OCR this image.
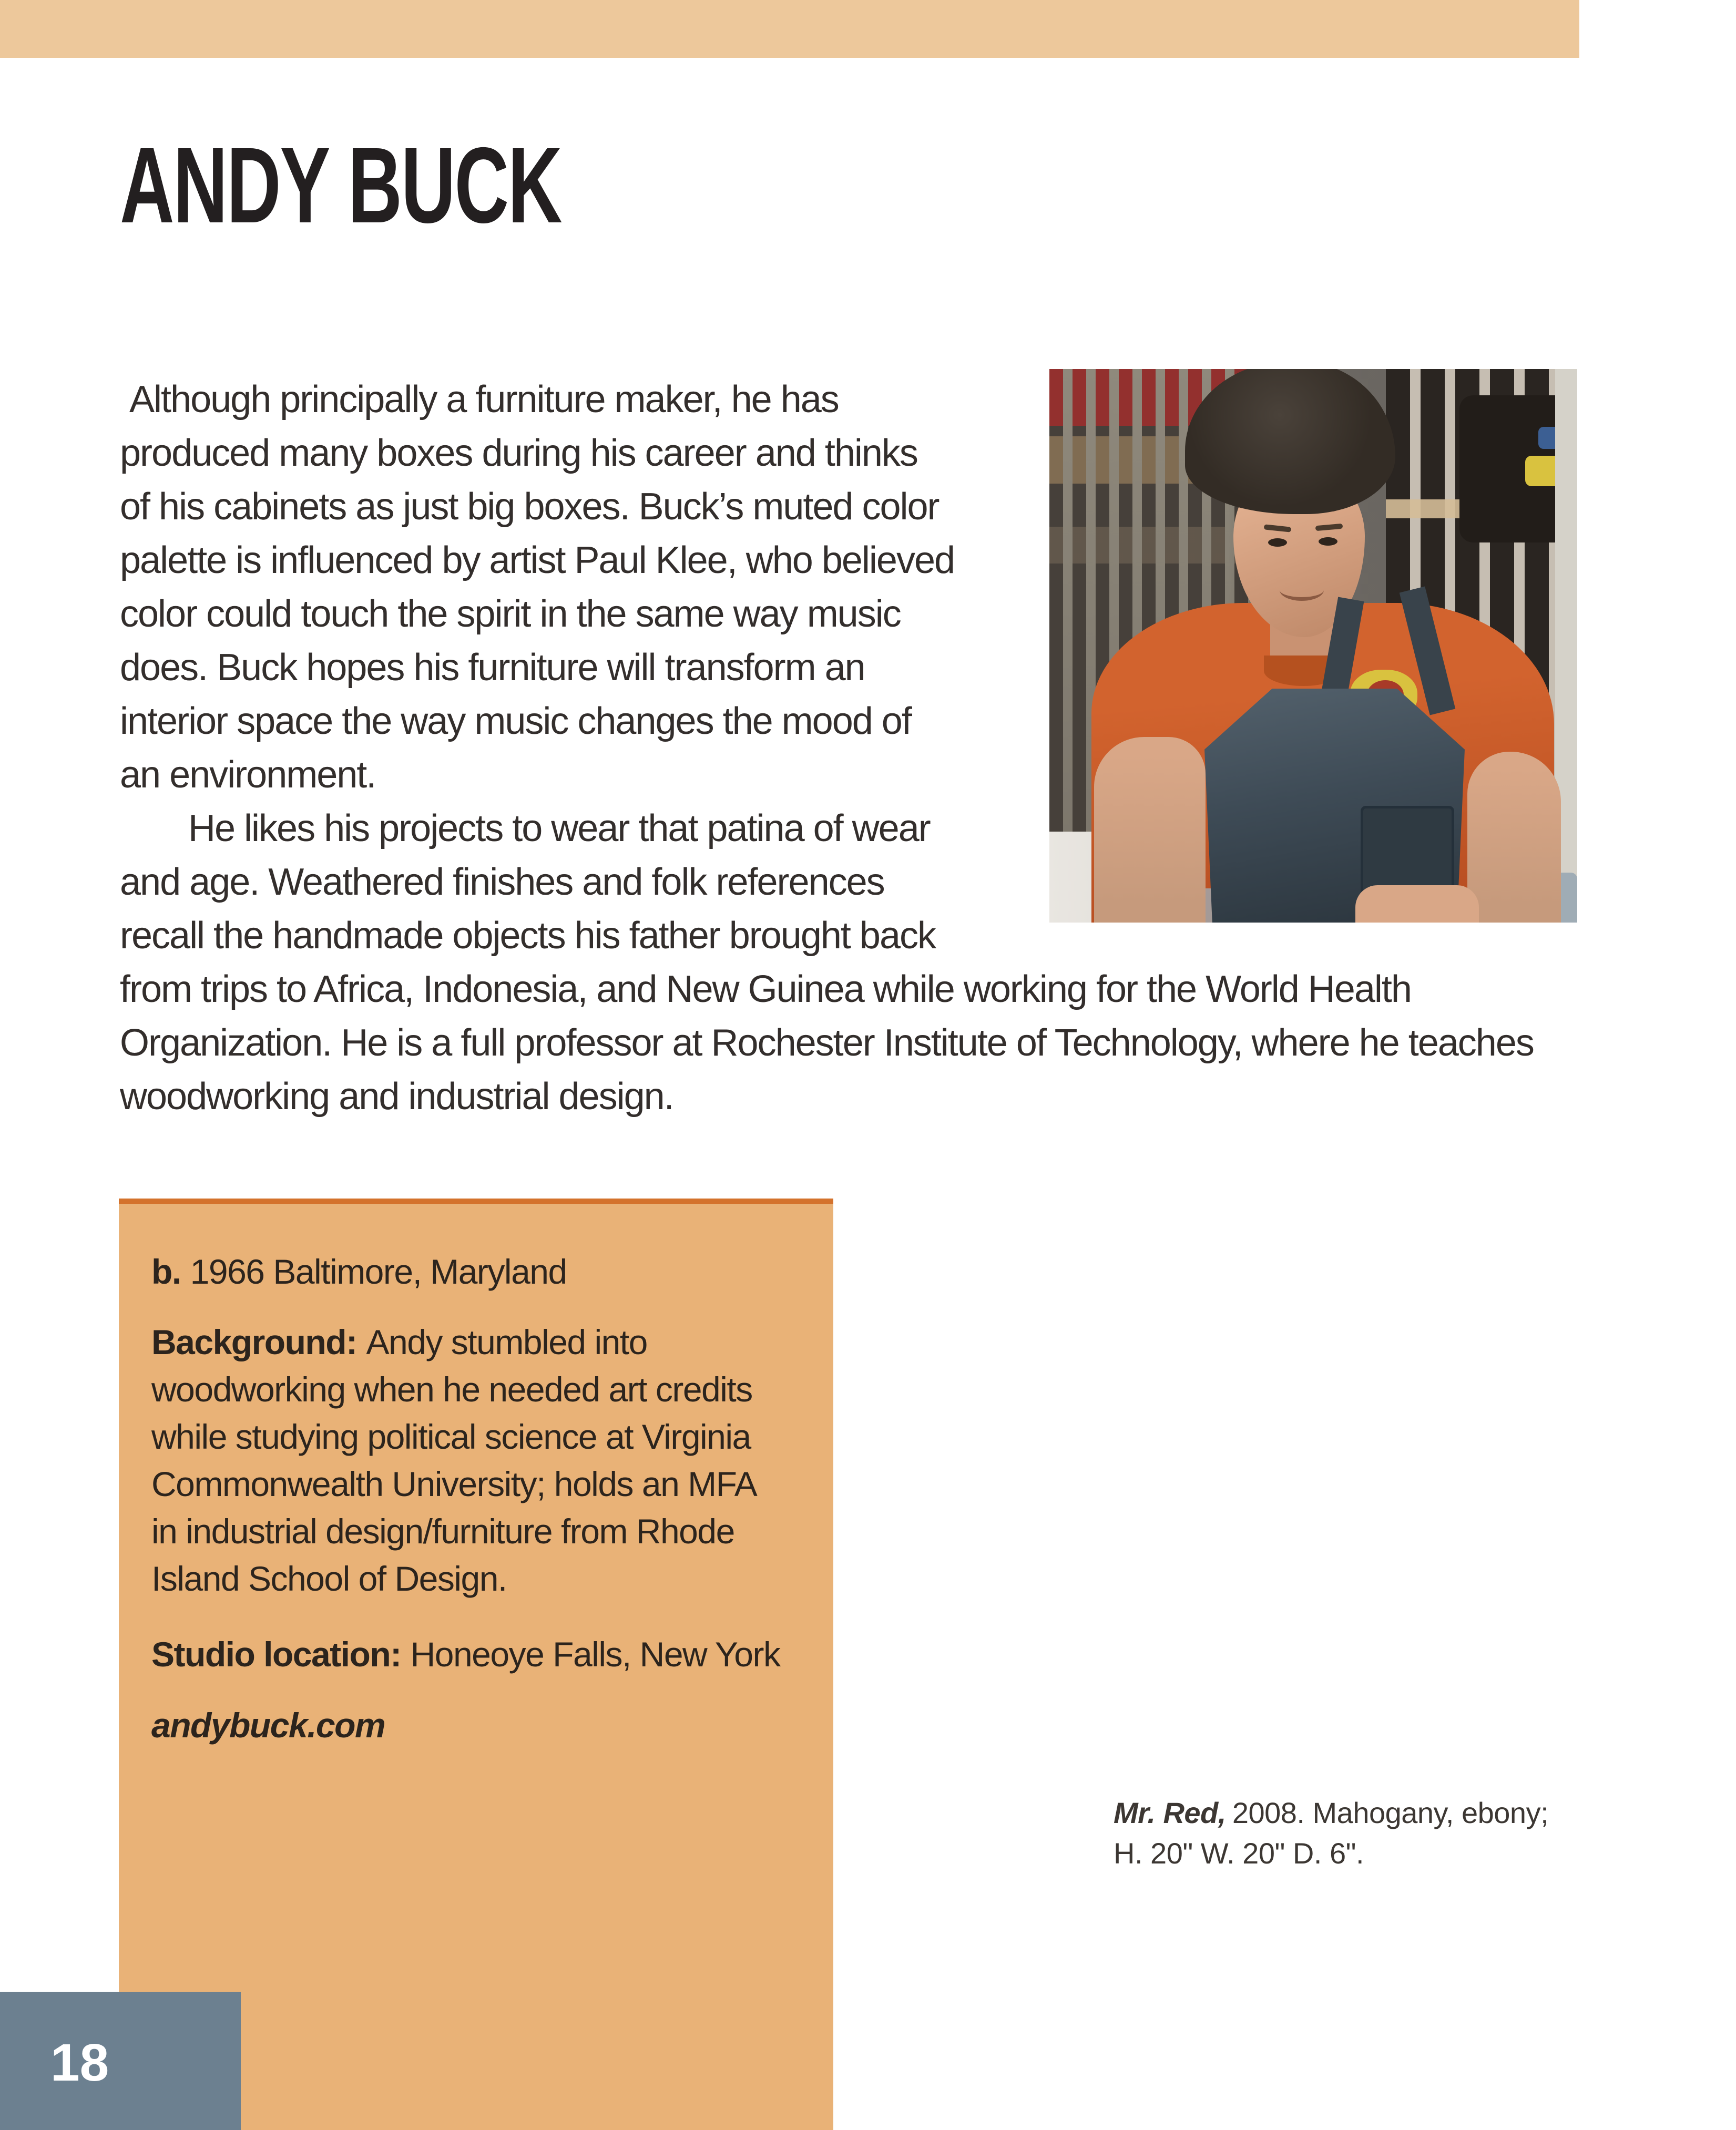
ANDY BUCK
Although principally a furniture maker, he has
produced many boxes during his career and thinks
of his cabinets as just big boxes. Buck’s muted color
palette is influenced by artist Paul Klee, who believed
color could touch the spirit in the same way music
does. Buck hopes his furniture will transform an
interior space the way music changes the mood of
an environment.
He likes his projects to wear that patina of wear
and age. Weathered finishes and folk references
recall the handmade objects his father brought back
from trips to Africa, Indonesia, and New Guinea while working for the World Health
Organization. He is a full professor at Rochester Institute of Technology, where he teaches
woodworking and industrial design.
b. 1966 Baltimore, Maryland
Background: Andy stumbled into
woodworking when he needed art credits
while studying political science at Virginia
Commonwealth University; holds an MFA
in industrial design/furniture from Rhode
Island School of Design.
Studio location: Honeoye Falls, New York
andybuck.com
Mr. Red, 2008. Mahogany, ebony;
H. 20" W. 20" D. 6".
18
